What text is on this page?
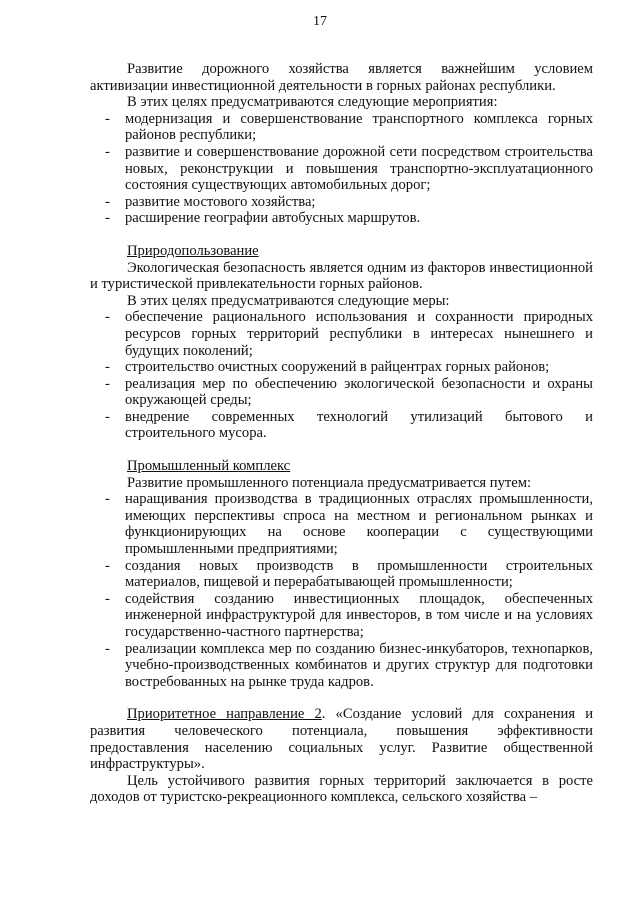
17

Развитие дорожного хозяйства является важнейшим условием активизации инвестиционной деятельности в горных районах республики.

В этих целях предусматриваются следующие мероприятия:

- модернизация и совершенствование транспортного комплекса горных районов республики;
- развитие и совершенствование дорожной сети посредством строительства новых, реконструкции и повышения транспортно-эксплуатационного состояния существующих автомобильных дорог;
- развитие мостового хозяйства;
- расширение географии автобусных маршрутов.

Природопользование

Экологическая безопасность является одним из факторов инвестиционной и туристической привлекательности горных районов.

В этих целях предусматриваются следующие меры:

- обеспечение рационального использования и сохранности природных ресурсов горных территорий республики в интересах нынешнего и будущих поколений;
- строительство очистных сооружений в райцентрах горных районов;
- реализация мер по обеспечению экологической безопасности и охраны окружающей среды;
- внедрение современных технологий утилизаций бытового и строительного мусора.

Промышленный комплекс

Развитие промышленного потенциала предусматривается путем:

- наращивания производства в традиционных отраслях промышленности, имеющих перспективы спроса на местном и региональном рынках и функционирующих на основе кооперации с существующими промышленными предприятиями;
- создания новых производств в промышленности строительных материалов, пищевой и перерабатывающей промышленности;
- содействия созданию инвестиционных площадок, обеспеченных инженерной инфраструктурой для инвесторов, в том числе и на условиях государственно-частного партнерства;
- реализации комплекса мер по созданию бизнес-инкубаторов, технопарков, учебно-производственных комбинатов и других структур для подготовки востребованных на рынке труда кадров.

Приоритетное направление 2. «Создание условий для сохранения и развития человеческого потенциала, повышения эффективности предоставления населению социальных услуг. Развитие общественной инфраструктуры».

Цель устойчивого развития горных территорий заключается в росте доходов от туристско-рекреационного комплекса, сельского хозяйства –
